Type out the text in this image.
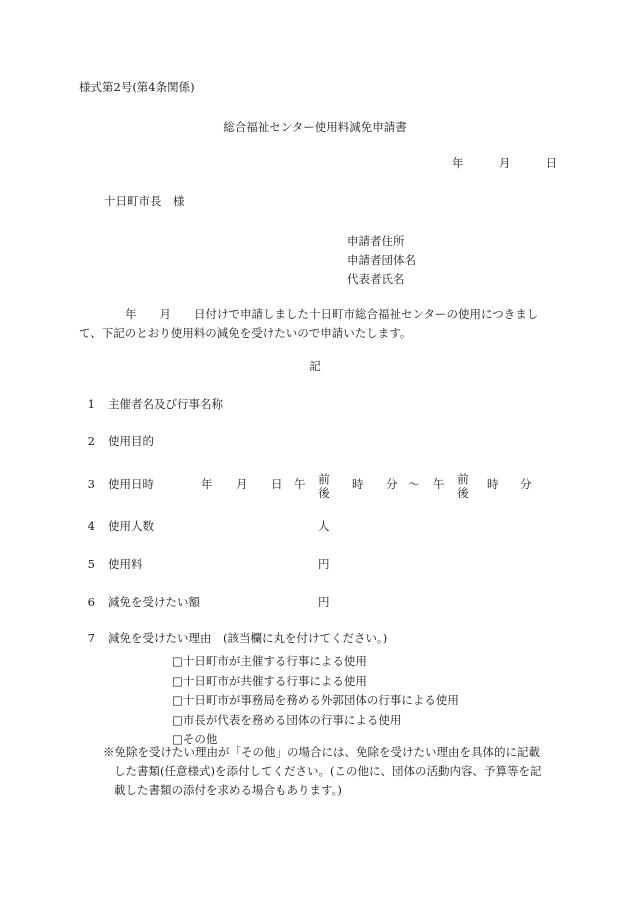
様式第2号(第4条関係)
総合福祉センター使用料減免申請書
年	月	日
十日町市長　様
申請者住所
申請者団体名
代表者氏名
年　　月　　日付けで申請しました十日町市総合福祉センターの使用につきまして、下記のとおり使用料の減免を受けたいので申請いたします。
記
1 主催者名及び行事名称
2 使用目的
3 使用日時	年 月 日 午 前
後
時 分 ～ 午 前
後
時 分
4 使用人数	人
5 使用料	円
6 減免を受けたい額	円
7 減免を受けたい理由　(該当欄に丸を付けてください。)
□十日町市が主催する行事による使用
□十日町市が共催する行事による使用
□十日町市が事務局を務める外郭団体の行事による使用
□市長が代表を務める団体の行事による使用
□その他
※免除を受けたい理由が「その他」の場合には、免除を受けたい理由を具体的に記載
した書類(任意様式)を添付してください。(この他に、団体の活動内容、予算等を記
載した書類の添付を求める場合もあります。)
